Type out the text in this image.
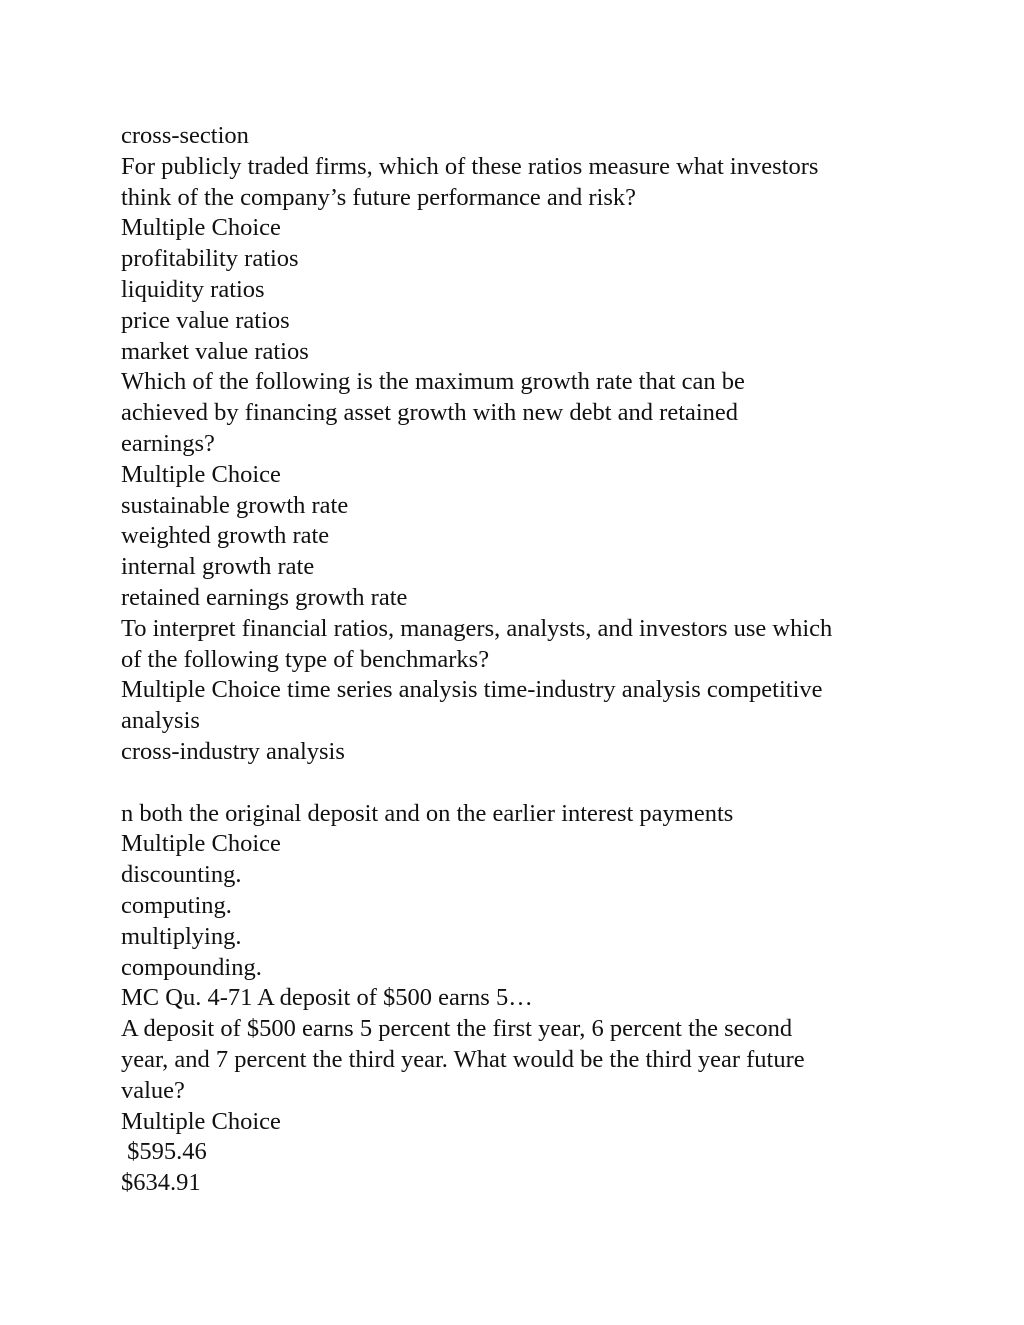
cross-section
For publicly traded firms, which of these ratios measure what investors
think of the company’s future performance and risk?
Multiple Choice
profitability ratios
liquidity ratios
price value ratios
market value ratios
Which of the following is the maximum growth rate that can be
achieved by financing asset growth with new debt and retained
earnings?
Multiple Choice
sustainable growth rate
weighted growth rate
internal growth rate
retained earnings growth rate
To interpret financial ratios, managers, analysts, and investors use which
of the following type of benchmarks?
Multiple Choice time series analysis time-industry analysis competitive
analysis
cross-industry analysis
n both the original deposit and on the earlier interest payments
Multiple Choice
discounting.
computing.
multiplying.
compounding.
MC Qu. 4-71 A deposit of $500 earns 5…
A deposit of $500 earns 5 percent the first year, 6 percent the second
year, and 7 percent the third year. What would be the third year future
value?
Multiple Choice
$595.46
$634.91
